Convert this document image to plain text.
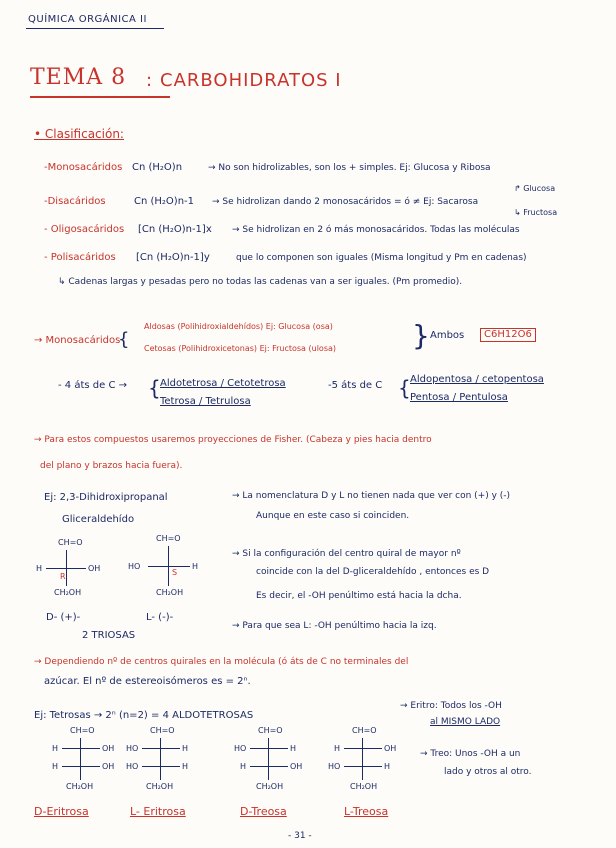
QUÍMICA ORGÁNICA II
TEMA 8 : CARBOHIDRATOS I
• Clasificación:
-Monosacáridos Cn (H₂O)n	→ No son hidrolizables, son los + simples. Ej: Glucosa y Ribosa
-Disacáridos	Cn (H₂O)n-1 → Se hidrolizan dando 2 monosacáridos = ó ≠ Ej: Sacarosa
↱ Glucosa
↳ Fructosa
- Oligosacáridos [Cn (H₂O)n-1]x → Se hidrolizan en 2 ó más monosacáridos. Todas las moléculas
- Polisacáridos [Cn (H₂O)n-1]y	que lo componen son iguales (Misma longitud y Pm en cadenas)
↳ Cadenas largas y pesadas pero no todas las cadenas van a ser iguales. (Pm promedio).
→ Monosacáridos
{
Aldosas (Polihidroxialdehídos) Ej: Glucosa (osa)
Cetosas (Polihidroxicetonas) Ej: Fructosa (ulosa)	} Ambos	C6H12O6
- 4 áts de C → { Aldotetrosa / Cetotetrosa
Tetrosa / Tetrulosa
-5 áts de C { Aldopentosa / cetopentosa
Pentosa / Pentulosa
→ Para estos compuestos usaremos proyecciones de Fisher. (Cabeza y pies hacia dentro
del plano y brazos hacia fuera).
Ej: 2,3-Dihidroxipropanal
Gliceraldehído
→ La nomenclatura D y L no tienen nada que ver con (+) y (-)
Aunque en este caso si coinciden.
→ Si la configuración del centro quiral de mayor nº
coincide con la del D-gliceraldehído , entonces es D
Es decir, el -OH penúltimo está hacia la dcha.
→ Para que sea L: -OH penúltimo hacia la izq.
CH=O
H	OH
R
CH₂OH
D- (+)-
CH=O
HO	H
S
CH₂OH
L- (-)-
2 TRIOSAS
→ Dependiendo nº de centros quirales en la molécula (ó áts de C no terminales del
azúcar. El nº de estereoisómeros es = 2ⁿ.
Ej: Tetrosas → 2ⁿ (n=2) = 4 ALDOTETROSAS
→ Eritro: Todos los -OH
al MISMO LADO
→ Treo: Unos -OH a un
lado y otros al otro.
CH=O
H	OH
H	OH
CH₂OH
D-Eritrosa
CH=O
HO	H
HO	H
CH₂OH
L- Eritrosa
CH=O
HO	H
H	OH
CH₂OH
D-Treosa
CH=O
H	OH
HO	H
CH₂OH
L-Treosa
- 31 -
